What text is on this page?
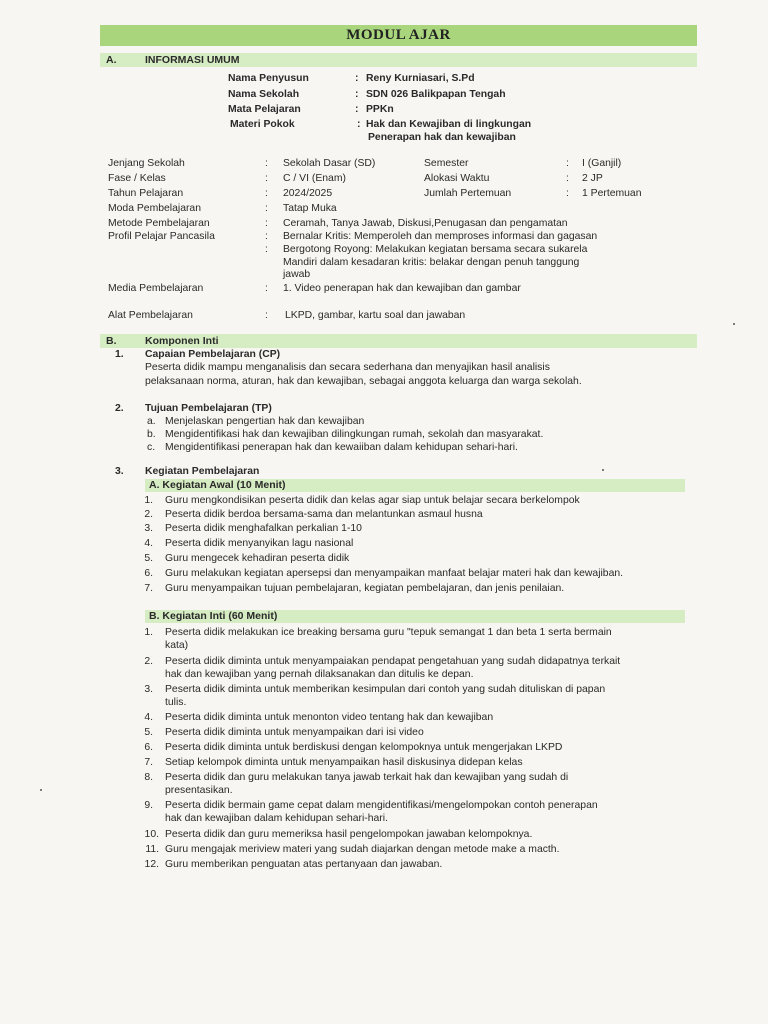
MODUL AJAR
A.	INFORMASI UMUM
Nama Penyusun	: Reny Kurniasari, S.Pd
Nama Sekolah	: SDN 026 Balikpapan Tengah
Mata Pelajaran	: PPKn
Materi Pokok	: Hak dan Kewajiban di lingkungan
Penerapan hak dan kewajiban
Jenjang Sekolah	: Sekolah Dasar (SD)	Semester	: I (Ganjil)
Fase / Kelas	: C / VI (Enam)	Alokasi Waktu	: 2 JP
Tahun Pelajaran	: 2024/2025	Jumlah Pertemuan	: 1 Pertemuan
Moda Pembelajaran	: Tatap Muka
Metode Pembelajaran	: Ceramah, Tanya Jawab, Diskusi,Penugasan dan pengamatan
Profil Pelajar Pancasila	: Bernalar Kritis: Memperoleh dan memproses informasi dan gagasan
: Bergotong Royong: Melakukan kegiatan bersama secara sukarela
Mandiri dalam kesadaran kritis: belakar dengan penuh tanggung
jawab
Media Pembelajaran	: 1. Video penerapan hak dan kewajiban dan gambar
Alat Pembelajaran	: LKPD, gambar, kartu soal dan jawaban
B.	Komponen Inti
1. Capaian Pembelajaran (CP)
Peserta didik mampu menganalisis dan secara sederhana dan menyajikan hasil analisis
pelaksanaan norma, aturan, hak dan kewajiban, sebagai anggota keluarga dan warga sekolah.
2. Tujuan Pembelajaran (TP)
a. Menjelaskan pengertian hak dan kewajiban
b. Mengidentifikasi hak dan kewajiban dilingkungan rumah, sekolah dan masyarakat.
c. Mengidentifikasi penerapan hak dan kewaiiban dalam kehidupan sehari-hari.
3. Kegiatan Pembelajaran
A. Kegiatan Awal (10 Menit)
1. Guru mengkondisikan peserta didik dan kelas agar siap untuk belajar secara berkelompok
2. Peserta didik berdoa bersama-sama dan melantunkan asmaul husna
3. Peserta didik menghafalkan perkalian 1-10
4. Peserta didik menyanyikan lagu nasional
5. Guru mengecek kehadiran peserta didik
6. Guru melakukan kegiatan apersepsi dan menyampaikan manfaat belajar materi hak dan kewajiban.
7. Guru menyampaikan tujuan pembelajaran, kegiatan pembelajaran, dan jenis penilaian.
B. Kegiatan Inti (60 Menit)
1. Peserta didik melakukan ice breaking bersama guru "tepuk semangat 1 dan beta 1 serta bermain
kata)
2. Peserta didik diminta untuk menyampaiakan pendapat pengetahuan yang sudah didapatnya terkait
hak dan kewajiban yang pernah dilaksanakan dan ditulis ke depan.
3. Peserta didik diminta untuk memberikan kesimpulan dari contoh yang sudah dituliskan di papan
tulis.
4. Peserta didik diminta untuk menonton video tentang hak dan kewajiban
5. Peserta didik diminta untuk menyampaikan dari isi video
6. Peserta didik diminta untuk berdiskusi dengan kelompoknya untuk mengerjakan LKPD
7. Setiap kelompok diminta untuk menyampaikan hasil diskusinya didepan kelas
8. Peserta didik dan guru melakukan tanya jawab terkait hak dan kewajiban yang sudah di
presentasikan.
9. Peserta didik bermain game cepat dalam mengidentifikasi/mengelompokan contoh penerapan
hak dan kewajiban dalam kehidupan sehari-hari.
10. Peserta didik dan guru memeriksa hasil pengelompokan jawaban kelompoknya.
11. Guru mengajak meriview materi yang sudah diajarkan dengan metode make a macth.
12. Guru memberikan penguatan atas pertanyaan dan jawaban.
